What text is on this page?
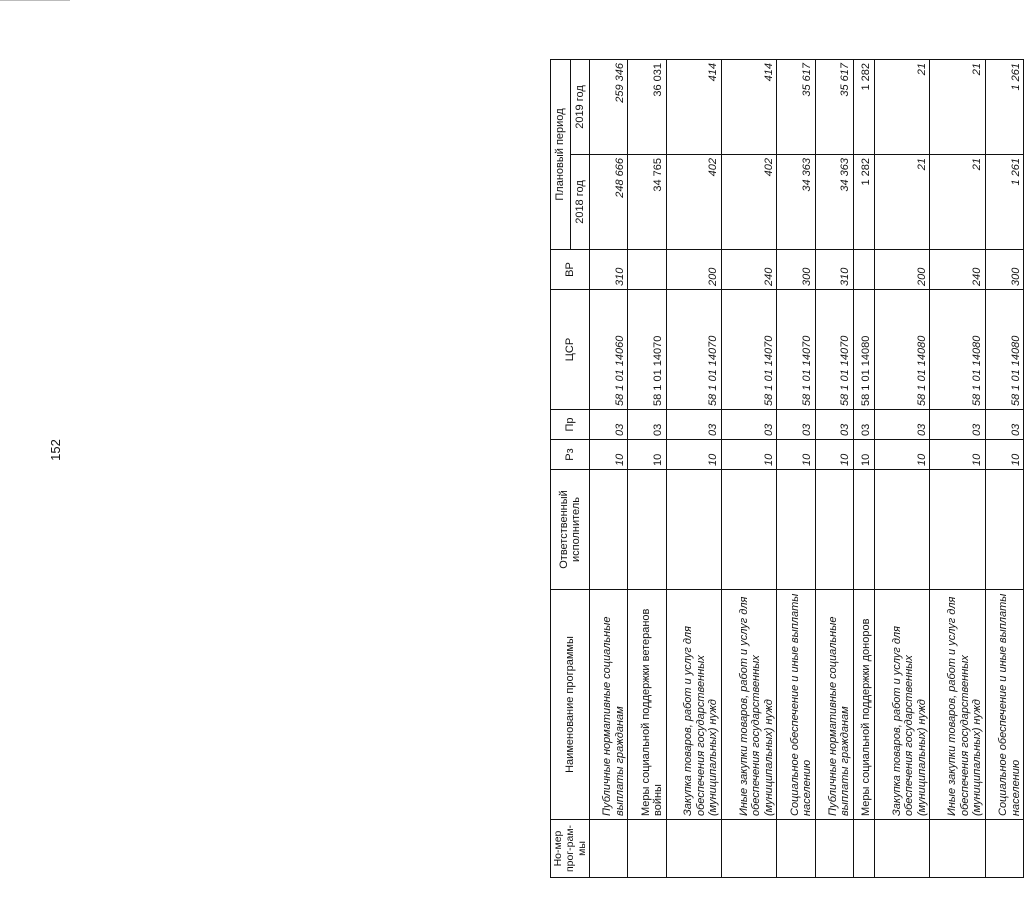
152
Но-мер прог-рам-мы	Наименование программы	Ответственный исполнитель	Рз	Пр	ЦСР	ВР	Плановый период	
							2018 год	2019 год
	Публичные нормативные социальные выплаты гражданам		10	03	58 1 01 14060	310	248 666	259 346
	Меры социальной поддержки ветеранов войны		10	03	58 1 01 14070		34 765	36 031
	Закупка товаров, работ и услуг для обеспечения государственных (муниципальных) нужд		10	03	58 1 01 14070	200	402	414
	Иные закупки товаров, работ и услуг для обеспечения государственных (муниципальных) нужд		10	03	58 1 01 14070	240	402	414
	Социальное обеспечение и иные выплаты населению		10	03	58 1 01 14070	300	34 363	35 617
	Публичные нормативные социальные выплаты гражданам		10	03	58 1 01 14070	310	34 363	35 617
	Меры социальной поддержки доноров		10	03	58 1 01 14080		1 282	1 282
	Закупка товаров, работ и услуг для обеспечения государственных (муниципальных) нужд		10	03	58 1 01 14080	200	21	21
	Иные закупки товаров, работ и услуг для обеспечения государственных (муниципальных) нужд		10	03	58 1 01 14080	240	21	21
	Социальное обеспечение и иные выплаты населению		10	03	58 1 01 14080	300	1 261	1 261
